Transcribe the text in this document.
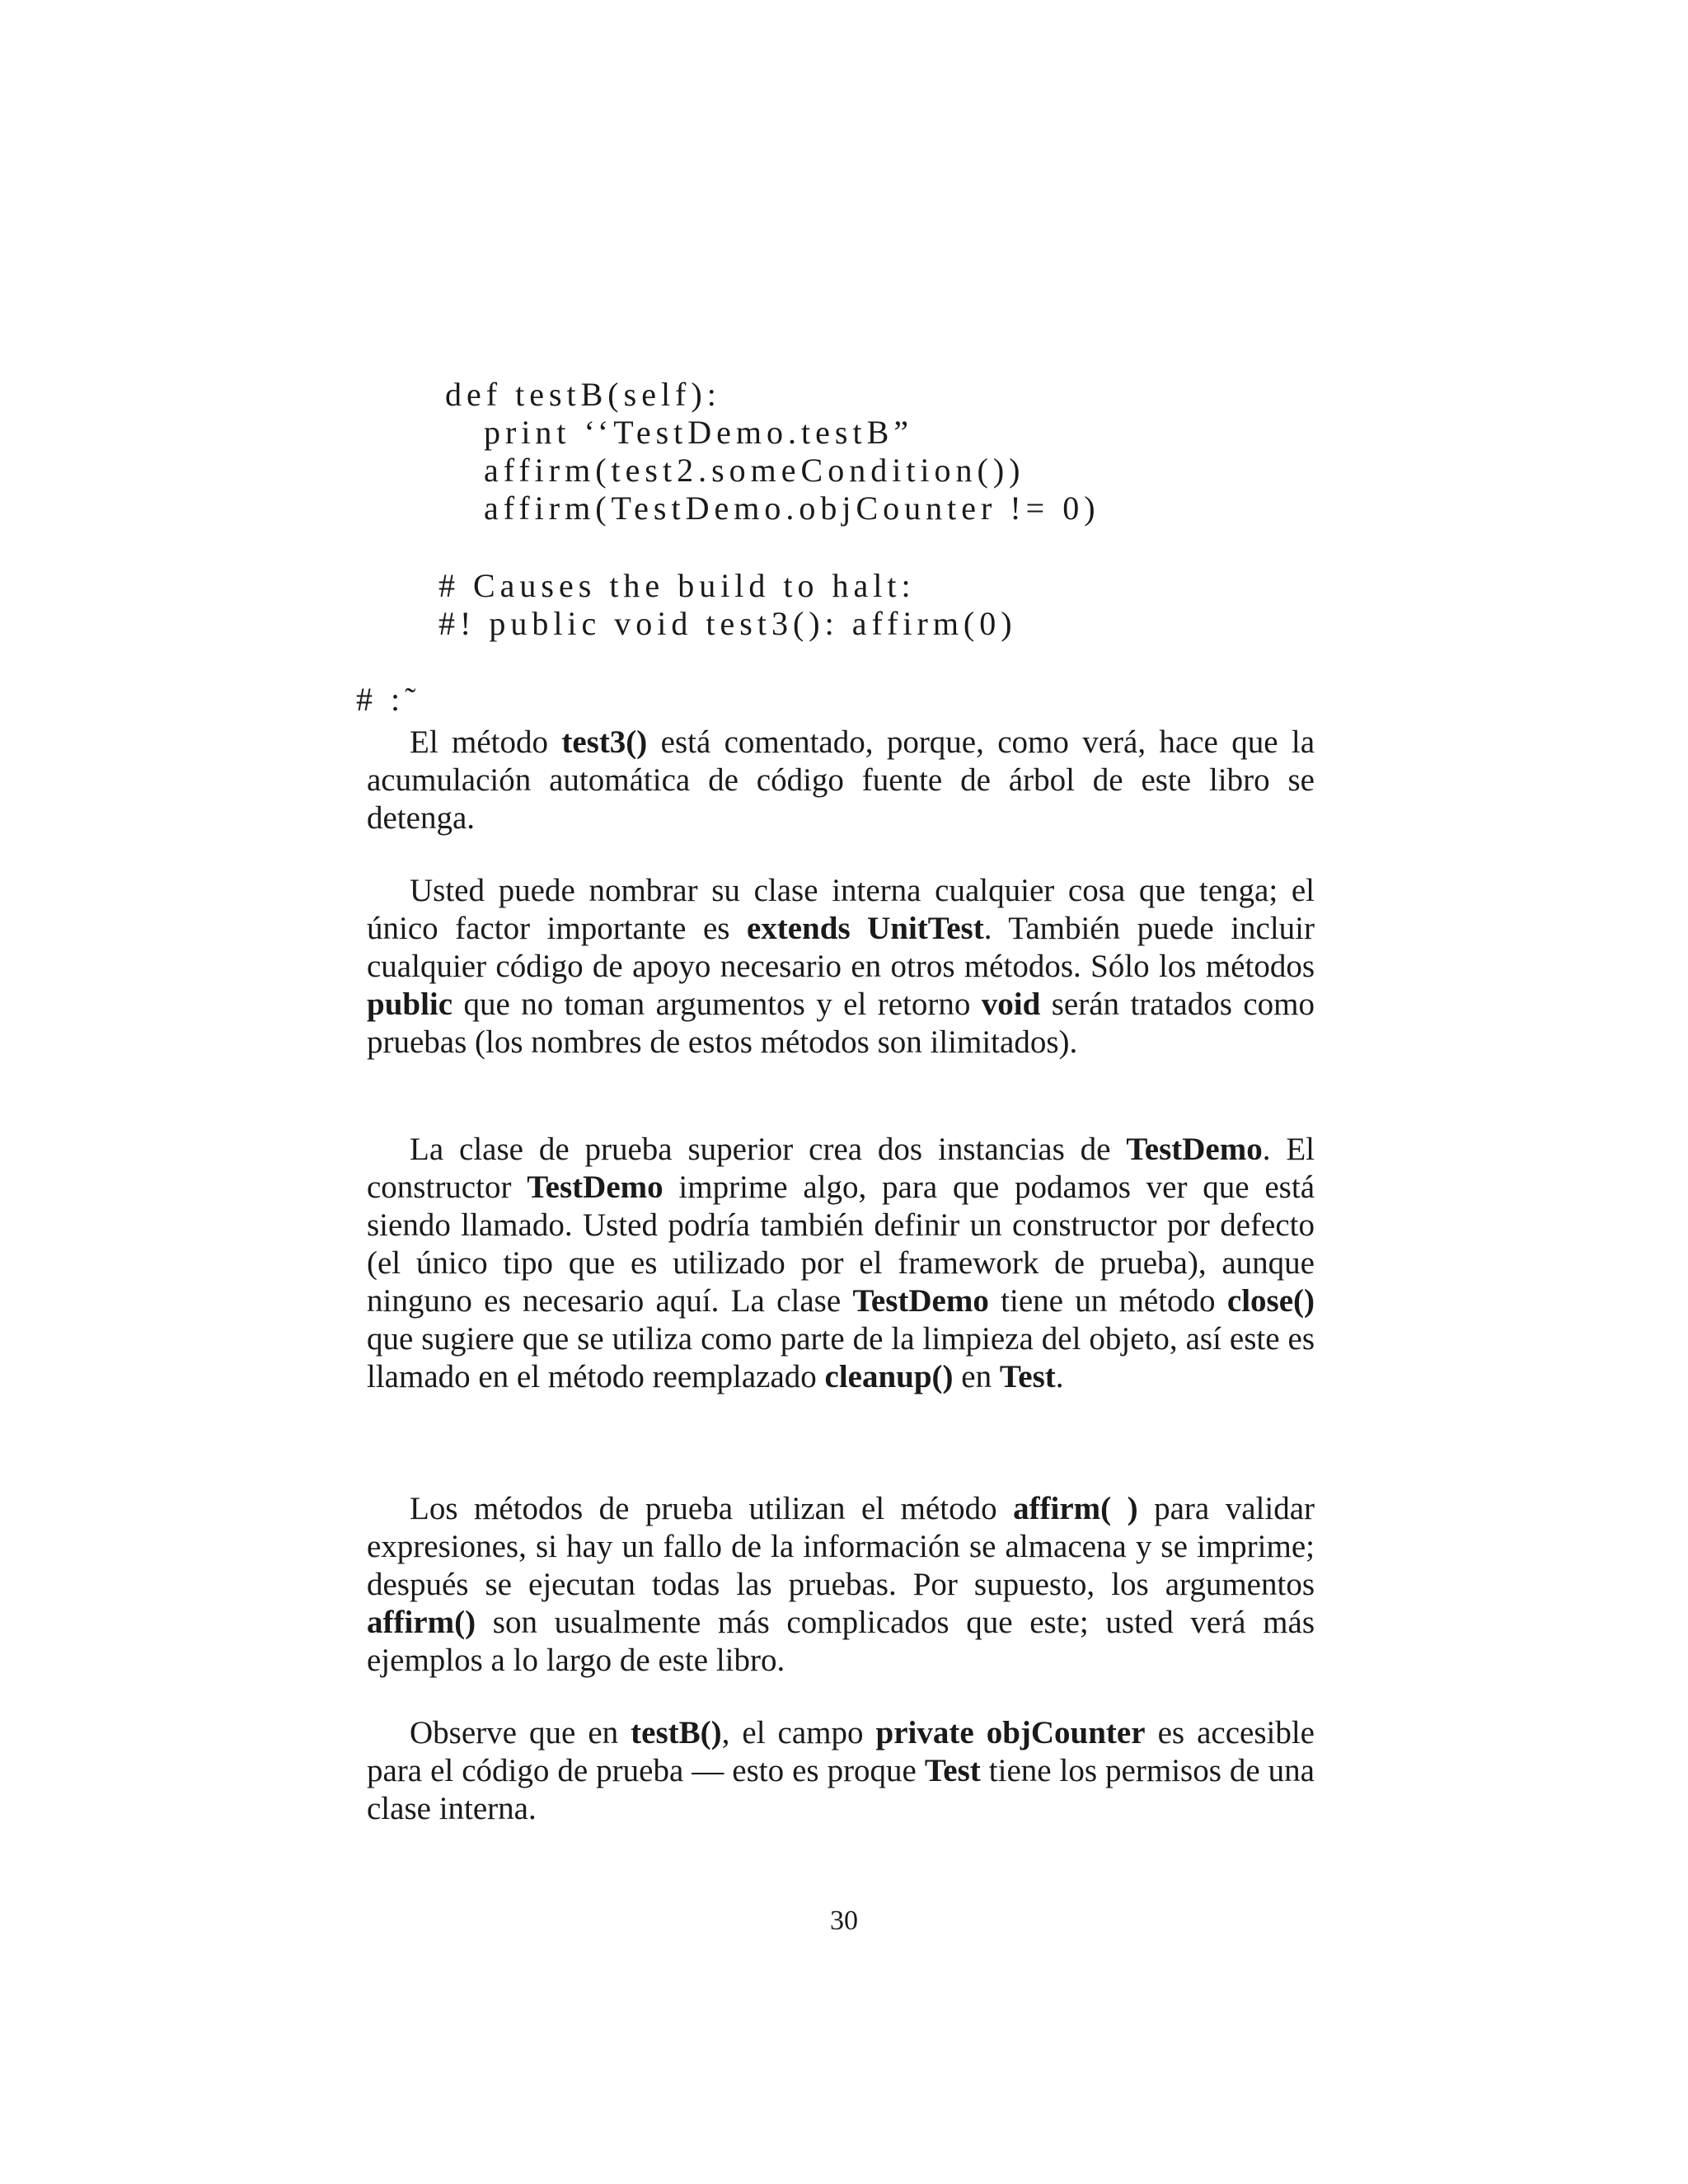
def testB(self):
print ‘‘TestDemo.testB”
affirm(test2.someCondition())
affirm(TestDemo.objCounter != 0)
# Causes the build to halt:
#! public void test3(): affirm(0)
# :˜

El método test3() está comentado, porque, como verá, hace que la acumulación automática de código fuente de árbol de este libro se detenga.

Usted puede nombrar su clase interna cualquier cosa que tenga; el único factor importante es extends UnitTest. También puede incluir cualquier código de apoyo necesario en otros métodos. Sólo los métodos public que no toman argumentos y el retorno void serán tratados como pruebas (los nombres de estos métodos son ilimitados).

La clase de prueba superior crea dos instancias de TestDemo. El constructor TestDemo imprime algo, para que podamos ver que está siendo llamado. Usted podría también definir un constructor por defecto (el único tipo que es utilizado por el framework de prueba), aunque ninguno es necesario aquí. La clase TestDemo tiene un método close() que sugiere que se utiliza como parte de la limpieza del objeto, así este es llamado en el método reemplazado cleanup() en Test.

Los métodos de prueba utilizan el método affirm( ) para validar expresiones, si hay un fallo de la información se almacena y se imprime; después se ejecutan todas las pruebas. Por supuesto, los argumentos affirm() son usualmente más complicados que este; usted verá más ejemplos a lo largo de este libro.

Observe que en testB(), el campo private objCounter es accesible para el código de prueba — esto es proque Test tiene los permisos de una clase interna.

30
